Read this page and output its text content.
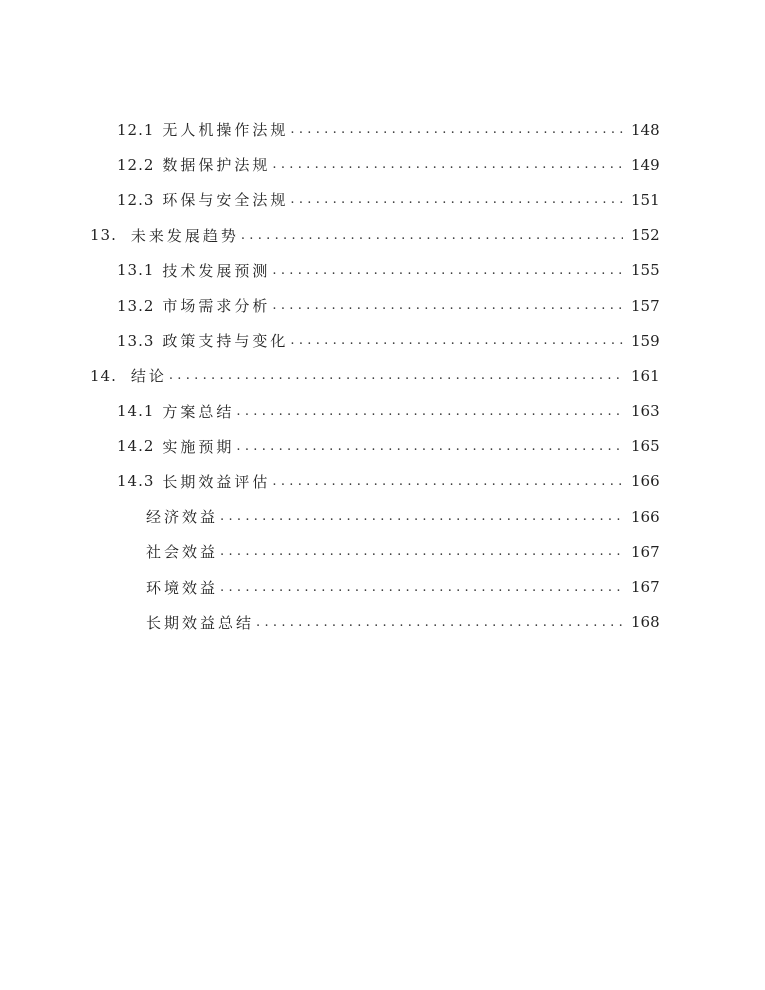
12.1 无人机操作法规 .....	148
12.2 数据保护法规 .....	149
12.3 环保与安全法规 .....	151
13. 未来发展趋势 .....	152
13.1 技术发展预测 .....	155
13.2 市场需求分析 .....	157
13.3 政策支持与变化 .....	159
14. 结论 .....	161
14.1 方案总结 .....	163
14.2 实施预期 .....	165
14.3 长期效益评估 .....	166
经济效益 .....	166
社会效益 .....	167
环境效益 .....	167
长期效益总结 .....	168
